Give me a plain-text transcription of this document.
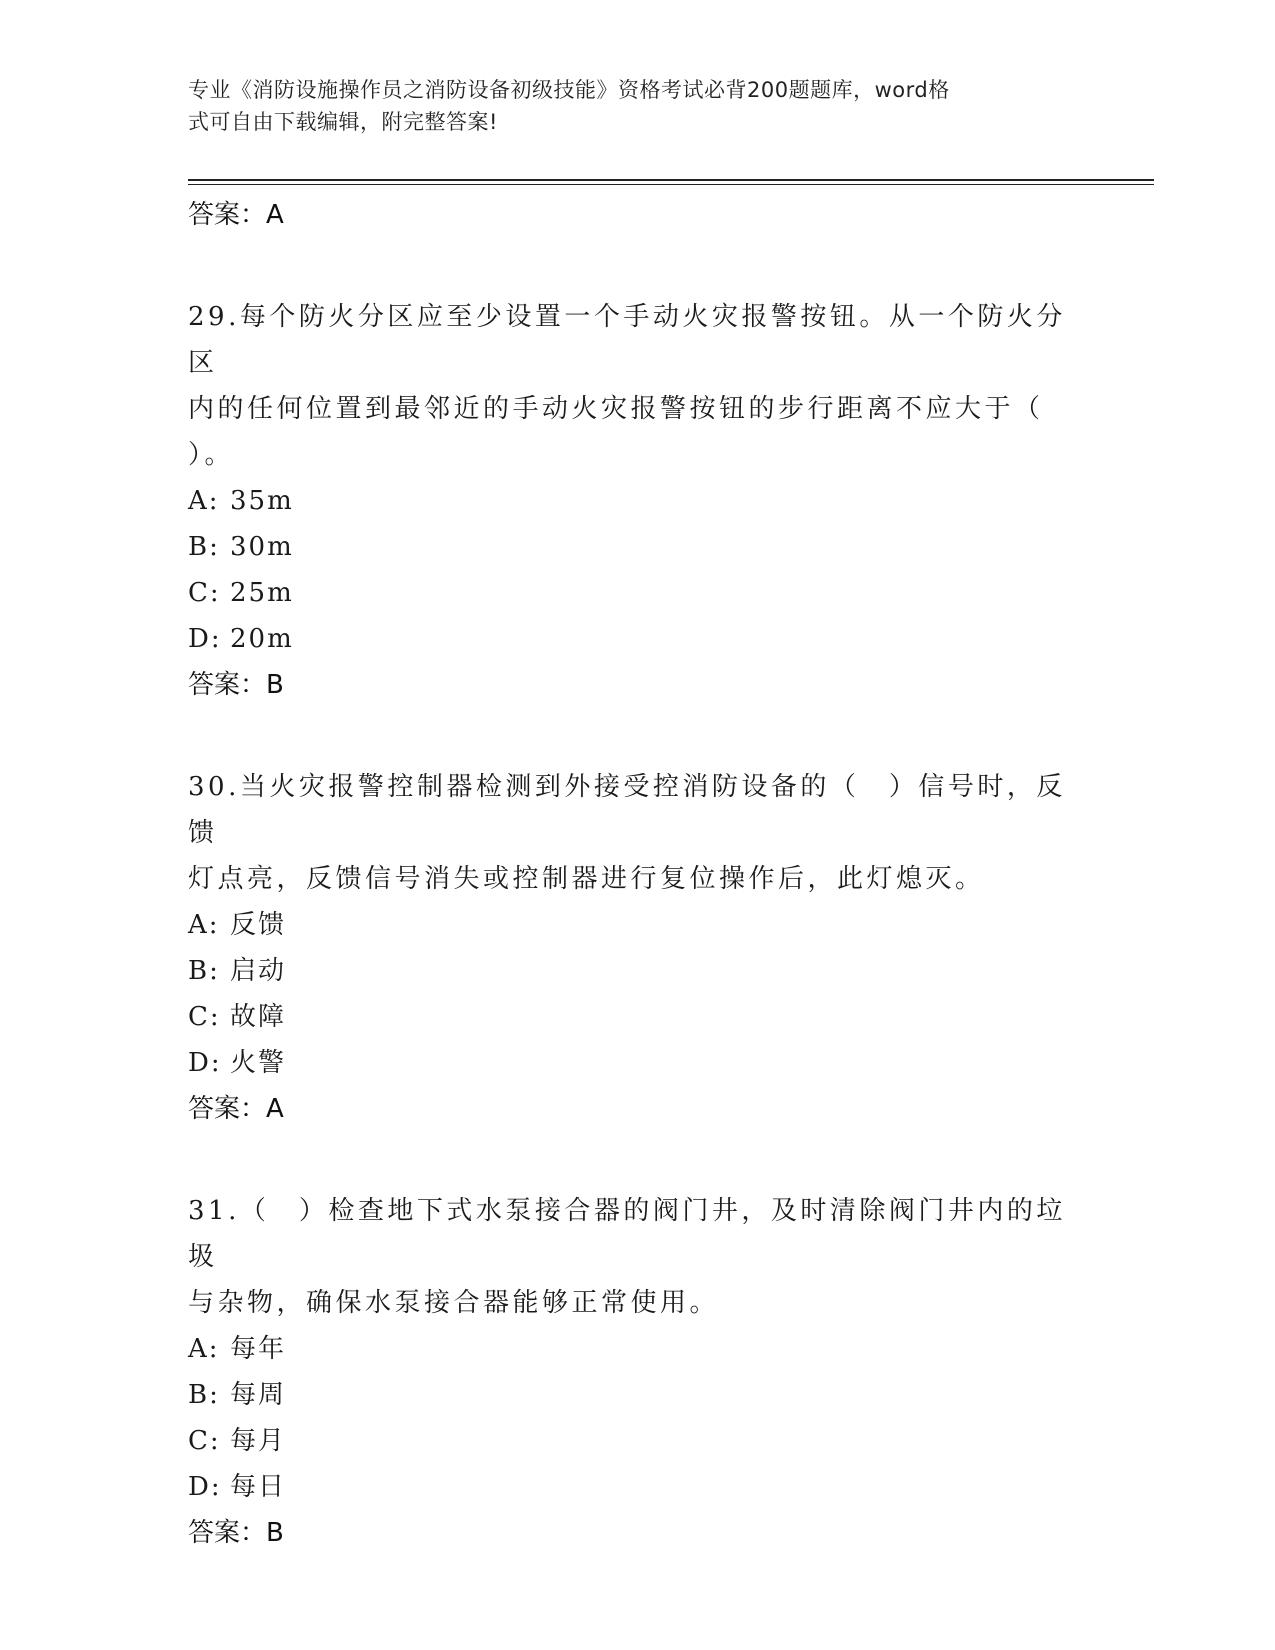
专业《消防设施操作员之消防设备初级技能》资格考试必背200题题库，word格
式可自由下载编辑，附完整答案!
答案：A
29.每个防火分区应至少设置一个手动火灾报警按钮。从一个防火分区
内的任何位置到最邻近的手动火灾报警按钮的步行距离不应大于（
）。
A: 35m
B: 30m
C: 25m
D: 20m
答案：B
30.当火灾报警控制器检测到外接受控消防设备的（　）信号时，反馈
灯点亮，反馈信号消失或控制器进行复位操作后，此灯熄灭。
A: 反馈
B: 启动
C: 故障
D: 火警
答案：A
31.（　）检查地下式水泵接合器的阀门井，及时清除阀门井内的垃圾
与杂物，确保水泵接合器能够正常使用。
A: 每年
B: 每周
C: 每月
D: 每日
答案：B
